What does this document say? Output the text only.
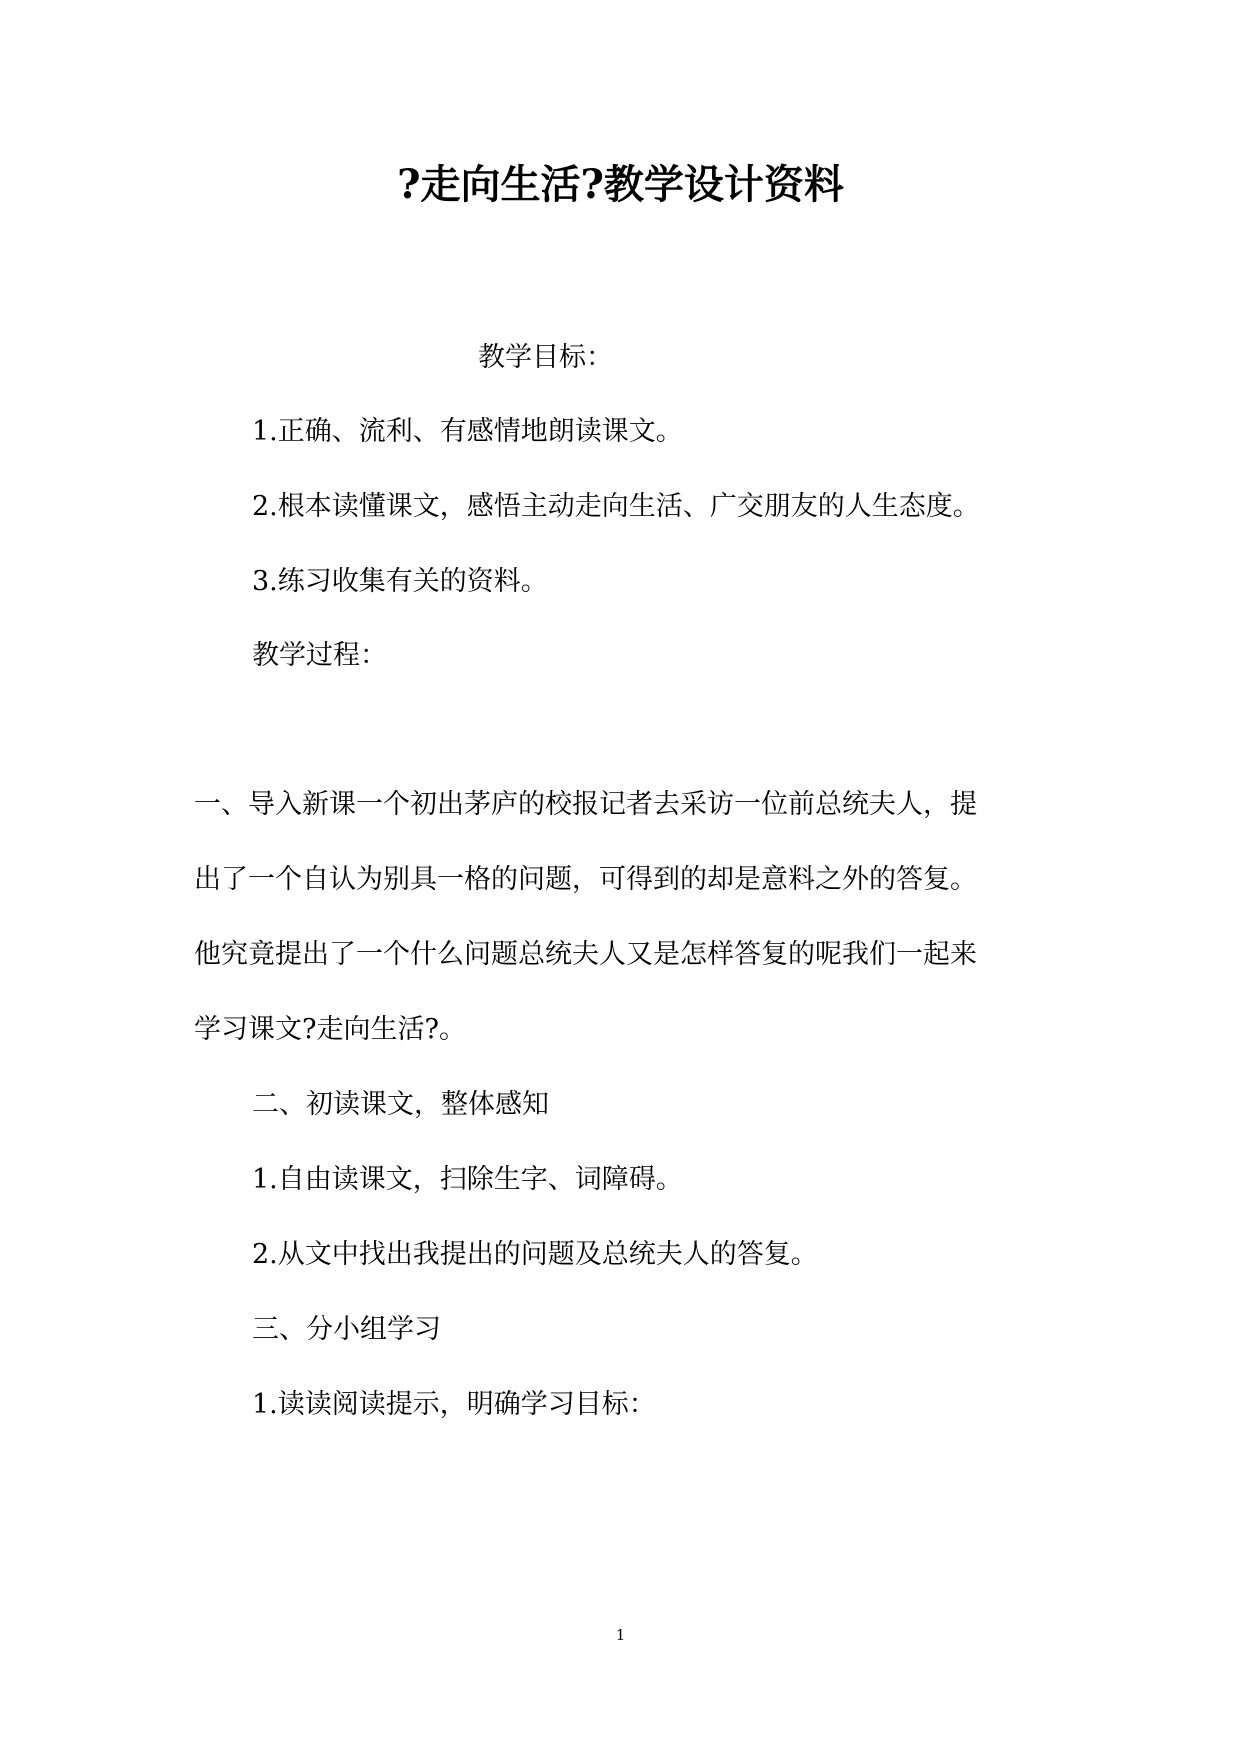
?走向生活?教学设计资料

教学目标：

1.正确、流利、有感情地朗读课文。

2.根本读懂课文，感悟主动走向生活、广交朋友的人生态度。

3.练习收集有关的资料。

教学过程：

一、导入新课一个初出茅庐的校报记者去采访一位前总统夫人，提

出了一个自认为别具一格的问题，可得到的却是意料之外的答复。

他究竟提出了一个什么问题总统夫人又是怎样答复的呢我们一起来

学习课文?走向生活?。

二、初读课文，整体感知

1.自由读课文，扫除生字、词障碍。

2.从文中找出我提出的问题及总统夫人的答复。

三、分小组学习

1.读读阅读提示，明确学习目标：

1
